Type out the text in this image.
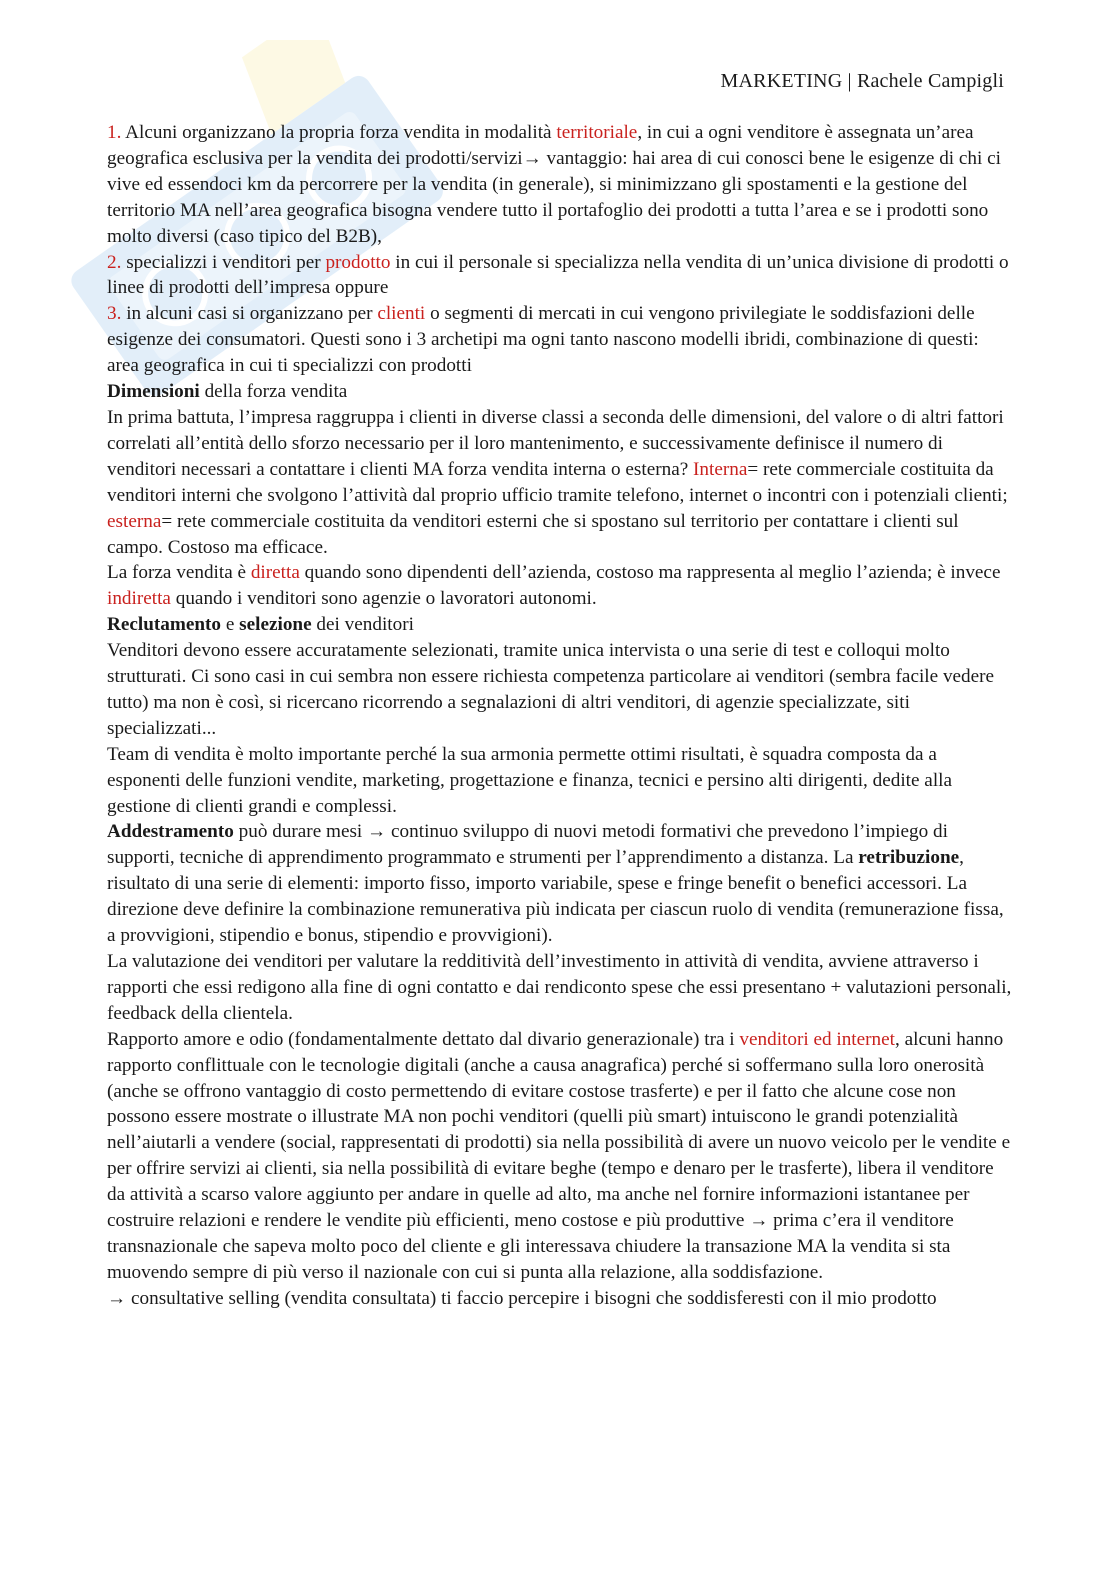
MARKETING | Rachele Campigli

1. Alcuni organizzano la propria forza vendita in modalità territoriale, in cui a ogni venditore è assegnata un’area geografica esclusiva per la vendita dei prodotti/servizi→ vantaggio: hai area di cui conosci bene le esigenze di chi ci vive ed essendoci km da percorrere per la vendita (in generale), si minimizzano gli spostamenti e la gestione del territorio MA nell’area geografica bisogna vendere tutto il portafoglio dei prodotti a tutta l’area e se i prodotti sono molto diversi (caso tipico del B2B),

2. specializzi i venditori per prodotto in cui il personale si specializza nella vendita di un’unica divisione di prodotti o linee di prodotti dell’impresa oppure

3. in alcuni casi si organizzano per clienti o segmenti di mercati in cui vengono privilegiate le soddisfazioni delle esigenze dei consumatori. Questi sono i 3 archetipi ma ogni tanto nascono modelli ibridi, combinazione di questi: area geografica in cui ti specializzi con prodotti

Dimensioni della forza vendita

In prima battuta, l’impresa raggruppa i clienti in diverse classi a seconda delle dimensioni, del valore o di altri fattori correlati all’entità dello sforzo necessario per il loro mantenimento, e successivamente definisce il numero di venditori necessari a contattare i clienti MA forza vendita interna o esterna? Interna= rete commerciale costituita da venditori interni che svolgono l’attività dal proprio ufficio tramite telefono, internet o incontri con i potenziali clienti;

esterna= rete commerciale costituita da venditori esterni che si spostano sul territorio per contattare i clienti sul campo. Costoso ma efficace.

La forza vendita è diretta quando sono dipendenti dell’azienda, costoso ma rappresenta al meglio l’azienda; è invece indiretta quando i venditori sono agenzie o lavoratori autonomi.

Reclutamento e selezione dei venditori

Venditori devono essere accuratamente selezionati, tramite unica intervista o una serie di test e colloqui molto strutturati. Ci sono casi in cui sembra non essere richiesta competenza particolare ai venditori (sembra facile vedere tutto) ma non è così, si ricercano ricorrendo a segnalazioni di altri venditori, di agenzie specializzate, siti specializzati...

Team di vendita è molto importante perché la sua armonia permette ottimi risultati, è squadra composta da a esponenti delle funzioni vendite, marketing, progettazione e finanza, tecnici e persino alti dirigenti, dedite alla gestione di clienti grandi e complessi.

Addestramento può durare mesi → continuo sviluppo di nuovi metodi formativi che prevedono l’impiego di supporti, tecniche di apprendimento programmato e strumenti per l’apprendimento a distanza. La retribuzione, risultato di una serie di elementi: importo fisso, importo variabile, spese e fringe benefit o benefici accessori. La direzione deve definire la combinazione remunerativa più indicata per ciascun ruolo di vendita (remunerazione fissa, a provvigioni, stipendio e bonus, stipendio e provvigioni).

La valutazione dei venditori per valutare la redditività dell’investimento in attività di vendita, avviene attraverso i rapporti che essi redigono alla fine di ogni contatto e dai rendiconto spese che essi presentano + valutazioni personali, feedback della clientela.

Rapporto amore e odio (fondamentalmente dettato dal divario generazionale) tra i venditori ed internet, alcuni hanno rapporto conflittuale con le tecnologie digitali (anche a causa anagrafica) perché si soffermano sulla loro onerosità (anche se offrono vantaggio di costo permettendo di evitare costose trasferte) e per il fatto che alcune cose non possono essere mostrate o illustrate MA non pochi venditori (quelli più smart) intuiscono le grandi potenzialità nell’aiutarli a vendere (social, rappresentati di prodotti) sia nella possibilità di avere un nuovo veicolo per le vendite e per offrire servizi ai clienti, sia nella possibilità di evitare beghe (tempo e denaro per le trasferte), libera il venditore da attività a scarso valore aggiunto per andare in quelle ad alto, ma anche nel fornire informazioni istantanee per costruire relazioni e rendere le vendite più efficienti, meno costose e più produttive → prima c’era il venditore transnazionale che sapeva molto poco del cliente e gli interessava chiudere la transazione MA la vendita si sta muovendo sempre di più verso il nazionale con cui si punta alla relazione, alla soddisfazione.

→ consultative selling (vendita consultata) ti faccio percepire i bisogni che soddisferesti con il mio prodotto
